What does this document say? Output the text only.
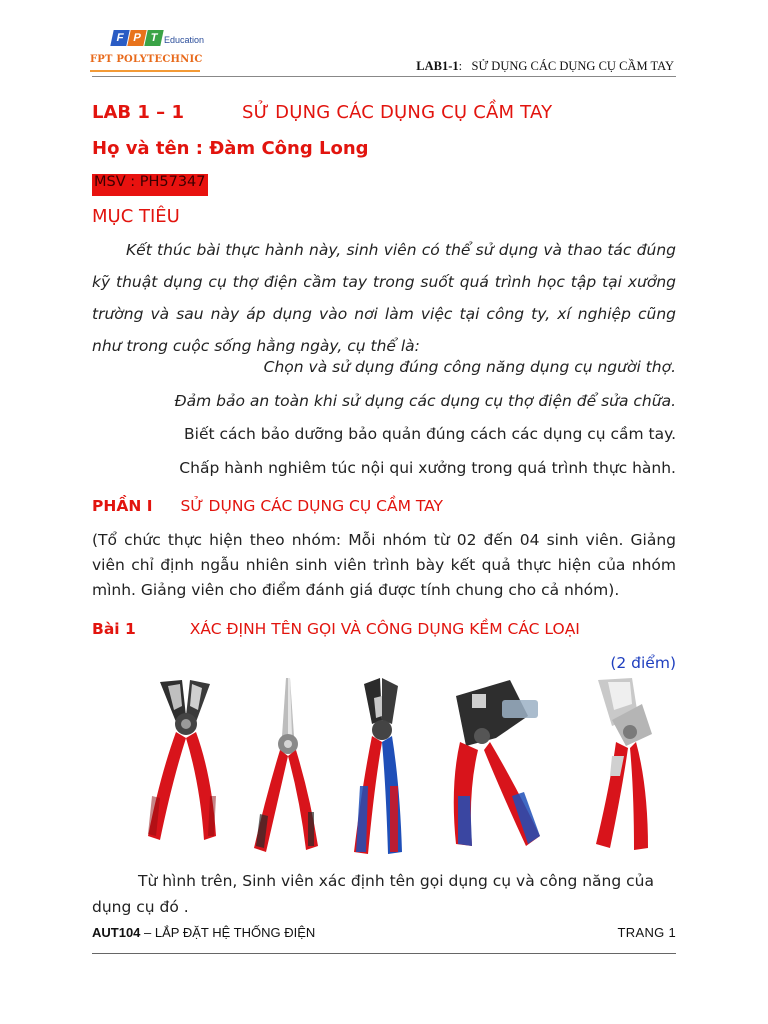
F P T Education
FPT POLYTECHNIC	LAB1-1:   SỬ DỤNG CÁC DỤNG CỤ CẦM TAY
LAB 1 – 1	SỬ DỤNG CÁC DỤNG CỤ CẦM TAY
Họ và tên : Đàm Công Long
MSV : PH57347
MỤC TIÊU
Kết thúc bài thực hành này, sinh viên có thể sử dụng và thao tác đúng kỹ thuật dụng cụ thợ điện cầm tay trong suốt quá trình học tập tại xưởng trường và sau này áp dụng vào nơi làm việc tại công ty, xí nghiệp cũng như trong cuộc sống hằng ngày, cụ thể là:
Chọn và sử dụng đúng công năng dụng cụ người thợ.
Đảm bảo an toàn khi sử dụng các dụng cụ thợ điện để sửa chữa.
Biết cách bảo dưỡng bảo quản đúng cách các dụng cụ cầm tay.
Chấp hành nghiêm túc nội qui xưởng trong quá trình thực hành.
PHẦN I SỬ DỤNG CÁC DỤNG CỤ CẦM TAY
(Tổ chức thực hiện theo nhóm: Mỗi nhóm từ 02 đến 04 sinh viên. Giảng viên chỉ định ngẫu nhiên sinh viên trình bày kết quả thực hiện của nhóm mình. Giảng viên cho điểm đánh giá được tính chung cho cả nhóm).
Bài 1	XÁC ĐỊNH TÊN GỌI VÀ CÔNG DỤNG KỀM CÁC LOẠI
(2 điểm)
Từ hình trên, Sinh viên xác định tên gọi dụng cụ và công năng của dụng cụ đó .
AUT104 – LẮP ĐẶT HỆ THỐNG ĐIỆN	TRANG 1
